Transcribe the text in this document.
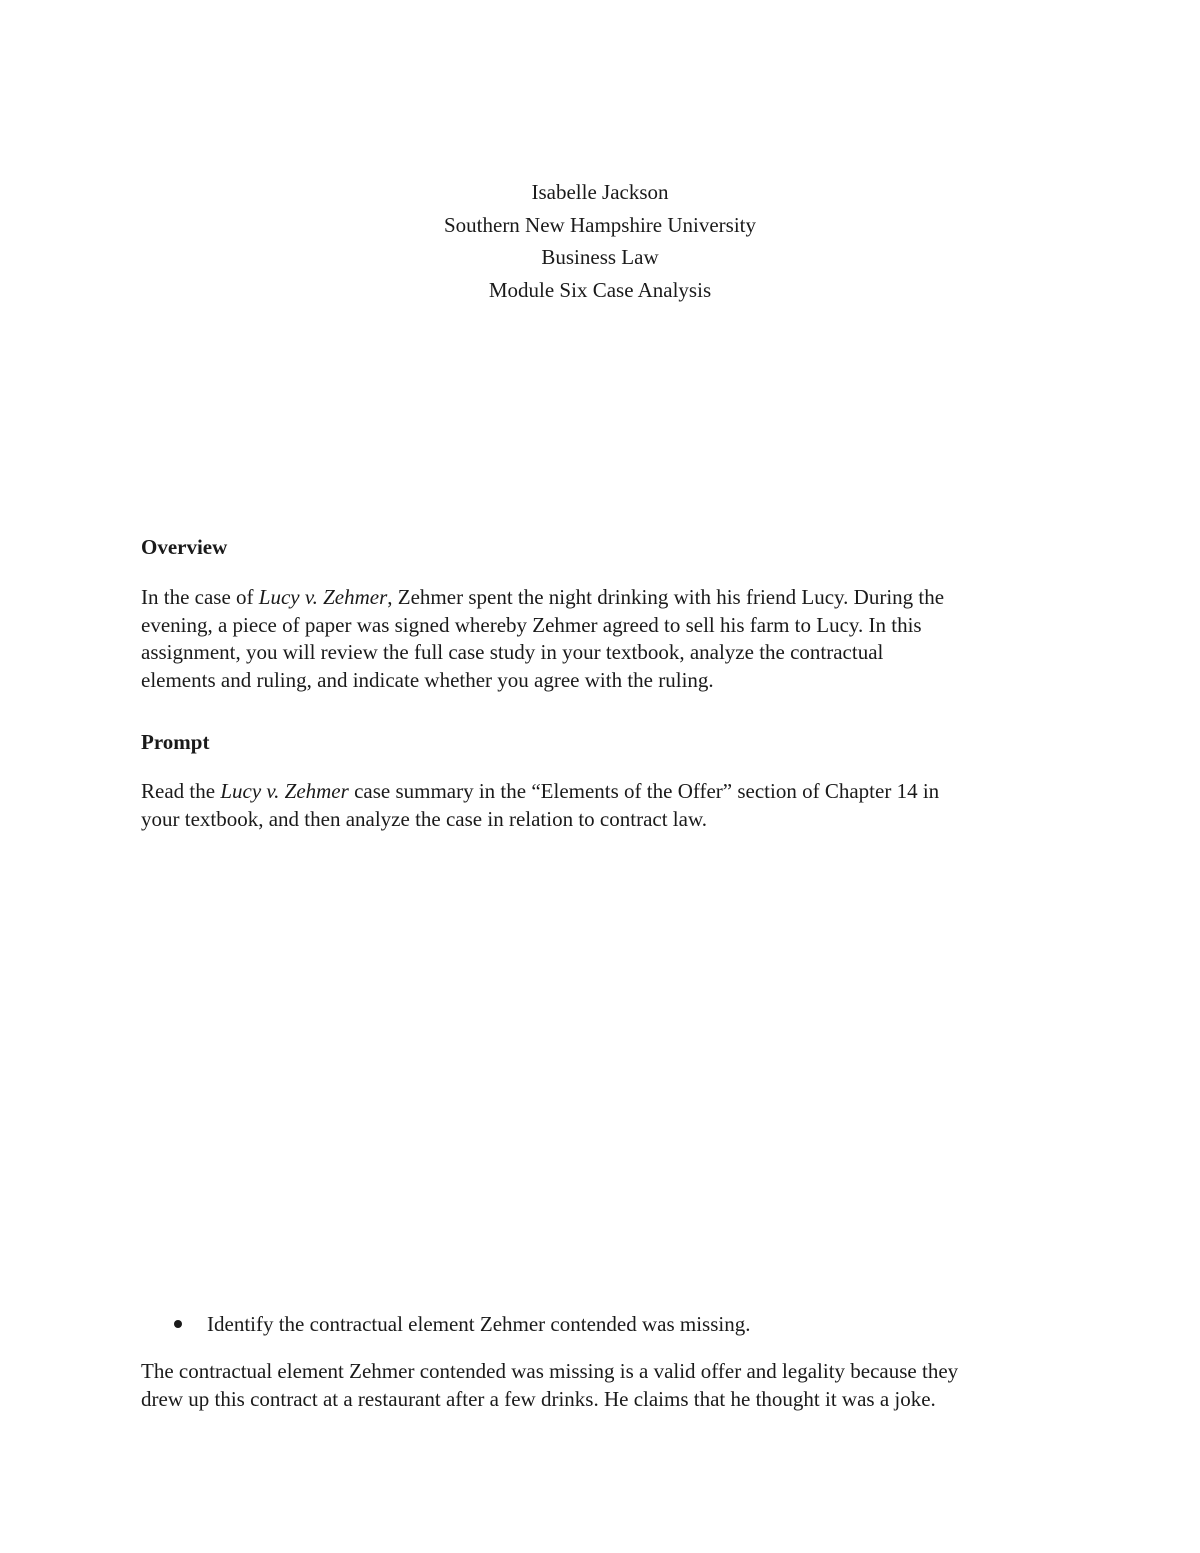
Isabelle Jackson
Southern New Hampshire University
Business Law
Module Six Case Analysis
Overview
In the case of Lucy v. Zehmer, Zehmer spent the night drinking with his friend Lucy. During the
evening, a piece of paper was signed whereby Zehmer agreed to sell his farm to Lucy. In this
assignment, you will review the full case study in your textbook, analyze the contractual
elements and ruling, and indicate whether you agree with the ruling.
Prompt
Read the Lucy v. Zehmer case summary in the “Elements of the Offer” section of Chapter 14 in
your textbook, and then analyze the case in relation to contract law.
Identify the contractual element Zehmer contended was missing.
The contractual element Zehmer contended was missing is a valid offer and legality because they
drew up this contract at a restaurant after a few drinks. He claims that he thought it was a joke.
